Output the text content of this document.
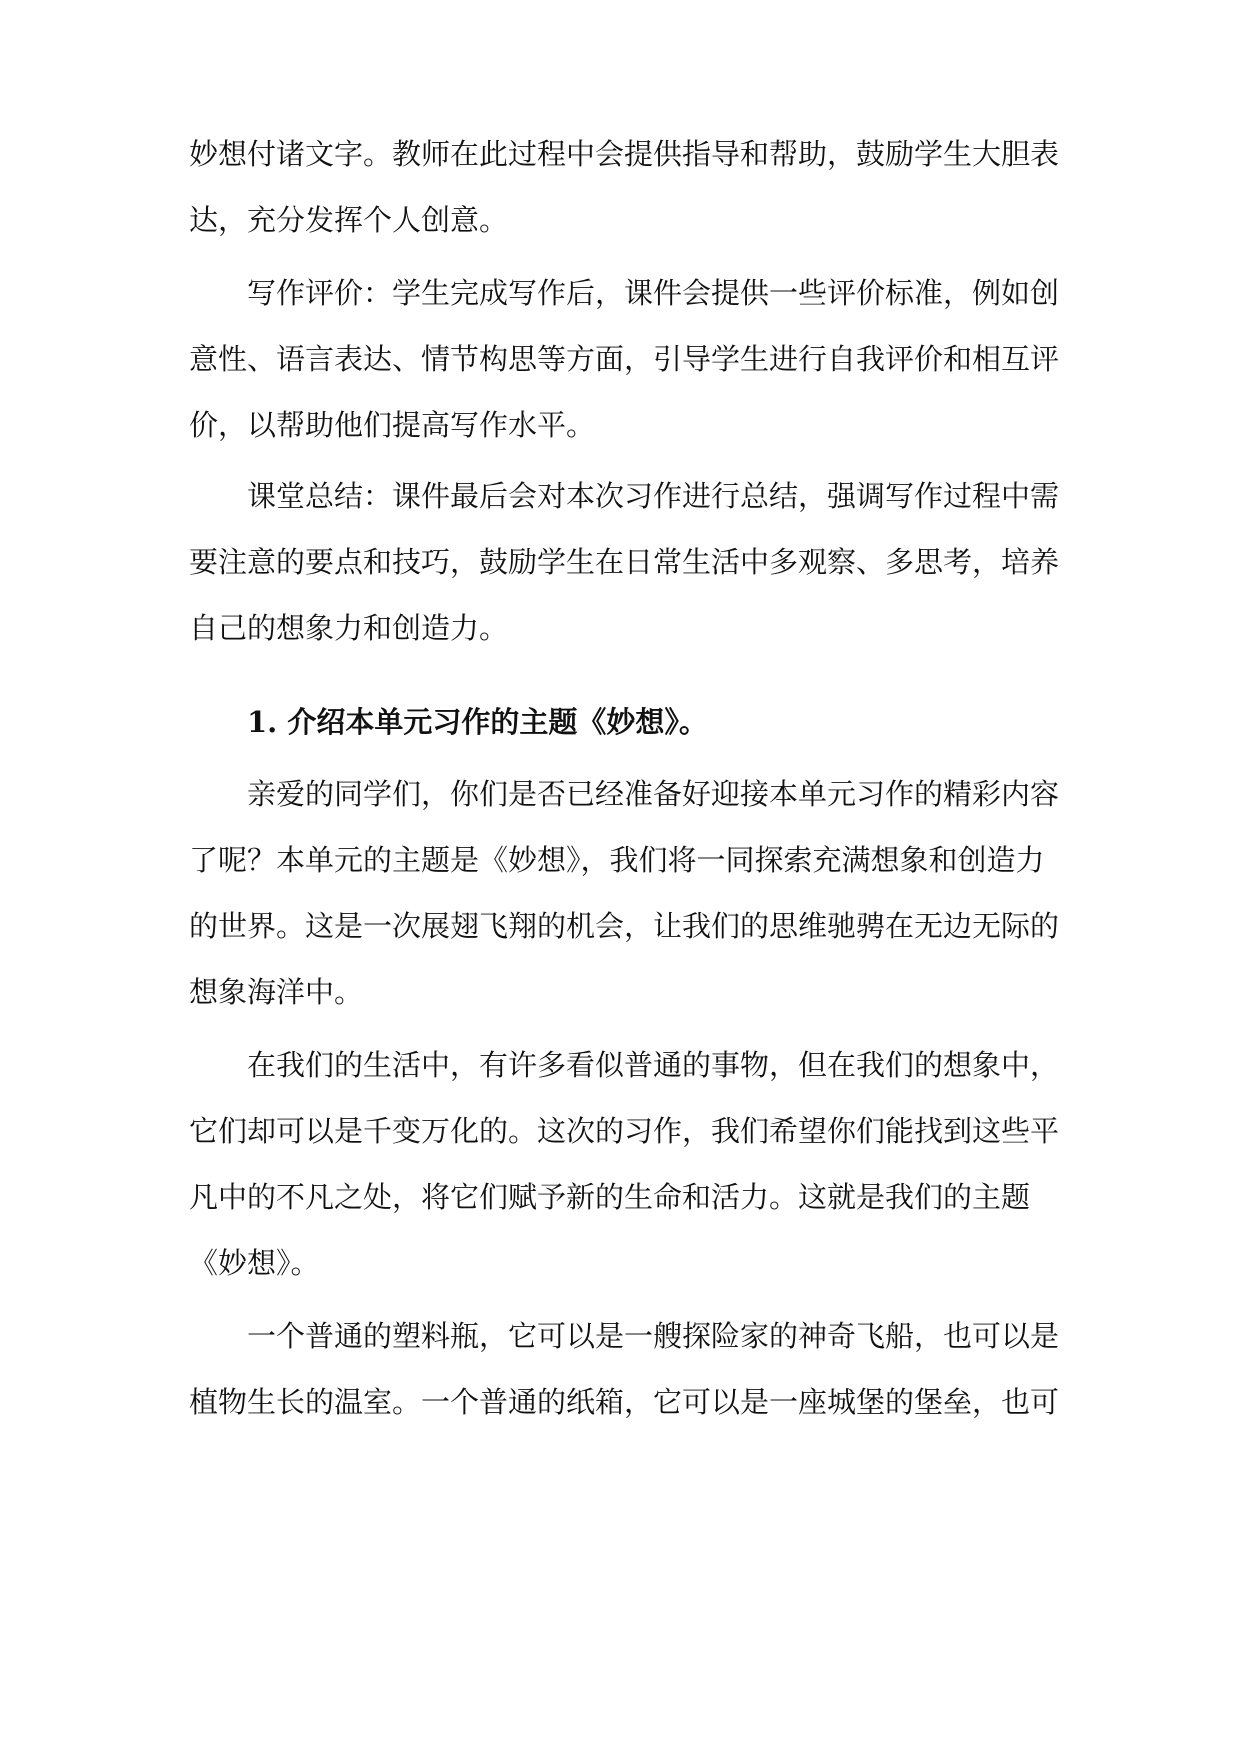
妙想付诸文字。教师在此过程中会提供指导和帮助，鼓励学生大胆表
达，充分发挥个人创意。
写作评价：学生完成写作后，课件会提供一些评价标准，例如创
意性、语言表达、情节构思等方面，引导学生进行自我评价和相互评
价，以帮助他们提高写作水平。
课堂总结：课件最后会对本次习作进行总结，强调写作过程中需
要注意的要点和技巧，鼓励学生在日常生活中多观察、多思考，培养
自己的想象力和创造力。
1. 介绍本单元习作的主题《妙想》。
亲爱的同学们，你们是否已经准备好迎接本单元习作的精彩内容
了呢？本单元的主题是《妙想》，我们将一同探索充满想象和创造力
的世界。这是一次展翅飞翔的机会，让我们的思维驰骋在无边无际的
想象海洋中。
在我们的生活中，有许多看似普通的事物，但在我们的想象中，
它们却可以是千变万化的。这次的习作，我们希望你们能找到这些平
凡中的不凡之处，将它们赋予新的生命和活力。这就是我们的主题
《妙想》。
一个普通的塑料瓶，它可以是一艘探险家的神奇飞船，也可以是
植物生长的温室。一个普通的纸箱，它可以是一座城堡的堡垒，也可
